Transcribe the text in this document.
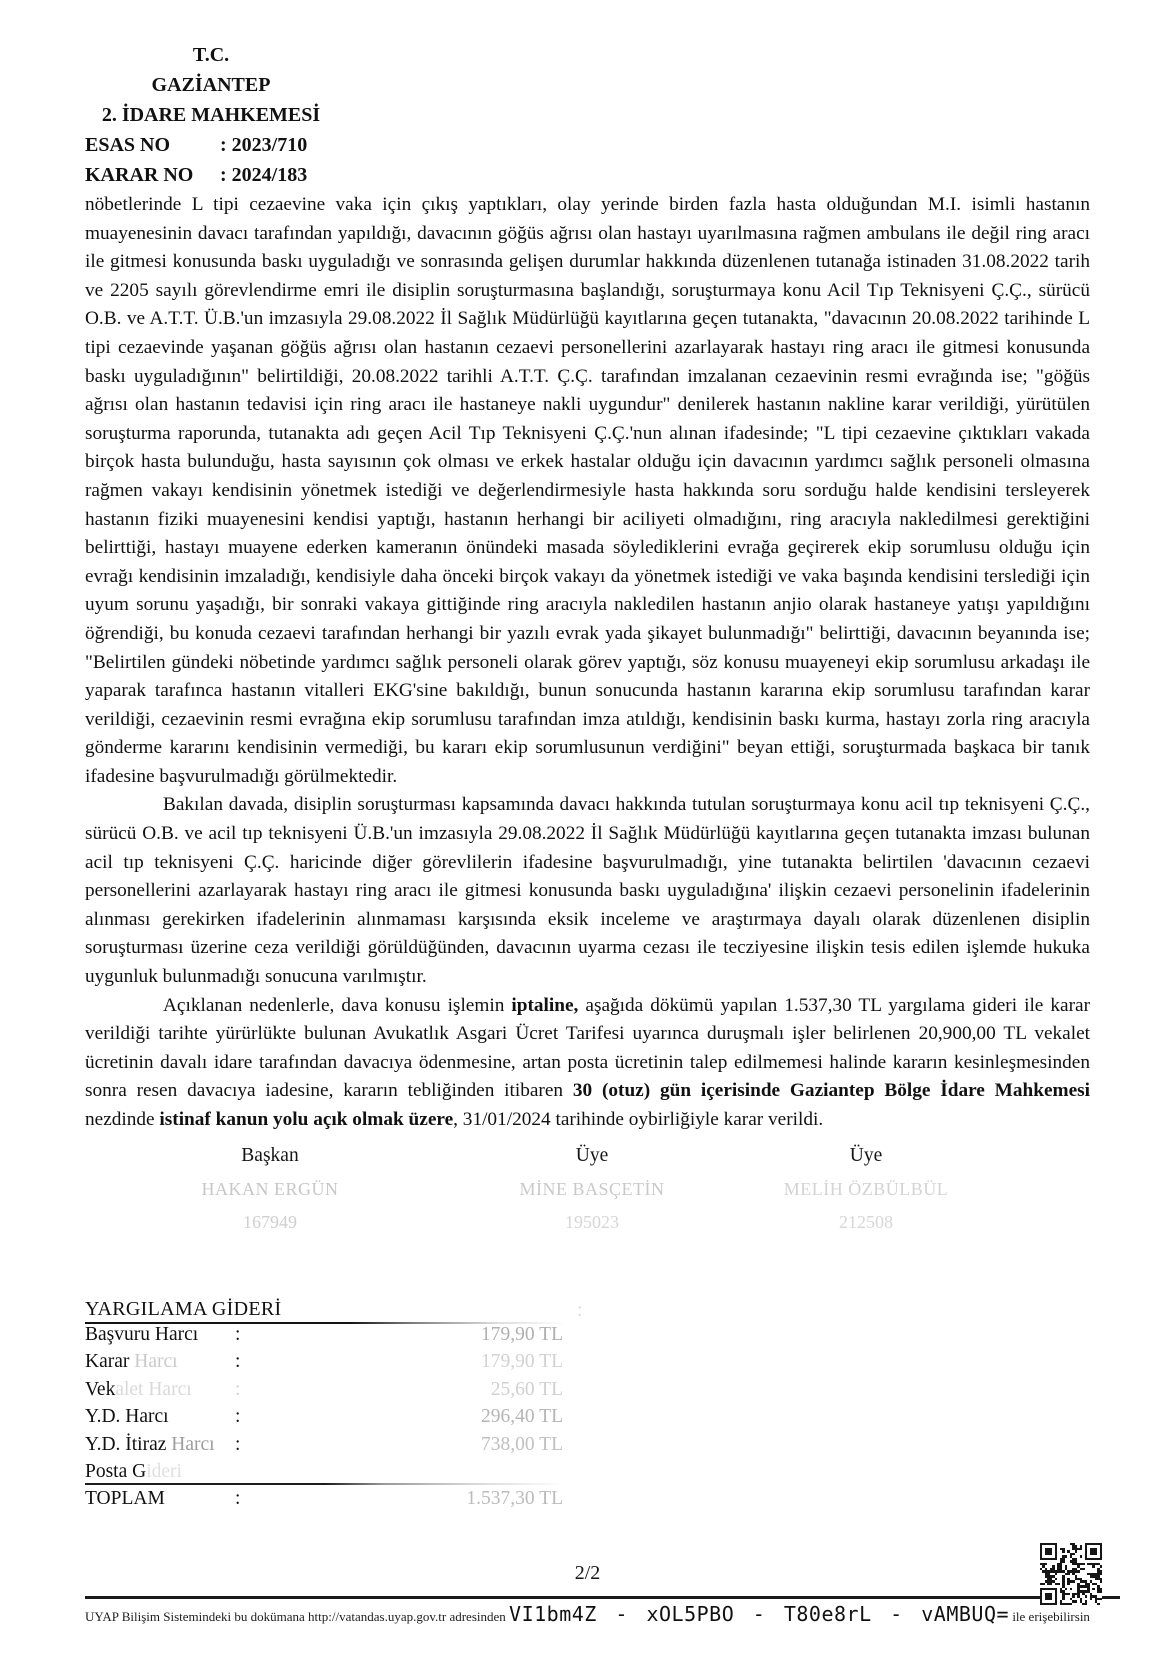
T.C.
GAZİANTEP
2. İDARE MAHKEMESİ
ESAS NO : 2023/710
KARAR NO : 2024/183

nöbetlerinde L tipi cezaevine vaka için çıkış yaptıkları, olay yerinde birden fazla hasta olduğundan M.I. isimli hastanın muayenesinin davacı tarafından yapıldığı, davacının göğüs ağrısı olan hastayı uyarılmasına rağmen ambulans ile değil ring aracı ile gitmesi konusunda baskı uyguladığı ve sonrasında gelişen durumlar hakkında düzenlenen tutanağa istinaden 31.08.2022 tarih ve 2205 sayılı görevlendirme emri ile disiplin soruşturmasına başlandığı, soruşturmaya konu Acil Tıp Teknisyeni Ç.Ç., sürücü O.B. ve A.T.T. Ü.B.'un imzasıyla 29.08.2022 İl Sağlık Müdürlüğü kayıtlarına geçen tutanakta, "davacının 20.08.2022 tarihinde L tipi cezaevinde yaşanan göğüs ağrısı olan hastanın cezaevi personellerini azarlayarak hastayı ring aracı ile gitmesi konusunda baskı uyguladığının" belirtildiği, 20.08.2022 tarihli A.T.T. Ç.Ç. tarafından imzalanan cezaevinin resmi evrağında ise; "göğüs ağrısı olan hastanın tedavisi için ring aracı ile hastaneye nakli uygundur" denilerek hastanın nakline karar verildiği, yürütülen soruşturma raporunda, tutanakta adı geçen Acil Tıp Teknisyeni Ç.Ç.'nun alınan ifadesinde; "L tipi cezaevine çıktıkları vakada birçok hasta bulunduğu, hasta sayısının çok olması ve erkek hastalar olduğu için davacının yardımcı sağlık personeli olmasına rağmen vakayı kendisinin yönetmek istediği ve değerlendirmesiyle hasta hakkında soru sorduğu halde kendisini tersleyerek hastanın fiziki muayenesini kendisi yaptığı, hastanın herhangi bir aciliyeti olmadığını, ring aracıyla nakledilmesi gerektiğini belirttiği, hastayı muayene ederken kameranın önündeki masada söylediklerini evrağa geçirerek ekip sorumlusu olduğu için evrağı kendisinin imzaladığı, kendisiyle daha önceki birçok vakayı da yönetmek istediği ve vaka başında kendisini terslediği için uyum sorunu yaşadığı, bir sonraki vakaya gittiğinde ring aracıyla nakledilen hastanın anjio olarak hastaneye yatışı yapıldığını öğrendiği, bu konuda cezaevi tarafından herhangi bir yazılı evrak yada şikayet bulunmadığı" belirttiği, davacının beyanında ise; "Belirtilen gündeki nöbetinde yardımcı sağlık personeli olarak görev yaptığı, söz konusu muayeneyi ekip sorumlusu arkadaşı ile yaparak tarafınca hastanın vitalleri EKG'sine bakıldığı, bunun sonucunda hastanın kararına ekip sorumlusu tarafından karar verildiği, cezaevinin resmi evrağına ekip sorumlusu tarafından imza atıldığı, kendisinin baskı kurma, hastayı zorla ring aracıyla gönderme kararını kendisinin vermediği, bu kararı ekip sorumlusunun verdiğini" beyan ettiği, soruşturmada başkaca bir tanık ifadesine başvurulmadığı görülmektedir.

Bakılan davada, disiplin soruşturması kapsamında davacı hakkında tutulan soruşturmaya konu acil tıp teknisyeni Ç.Ç., sürücü O.B. ve acil tıp teknisyeni Ü.B.'un imzasıyla 29.08.2022 İl Sağlık Müdürlüğü kayıtlarına geçen tutanakta imzası bulunan acil tıp teknisyeni Ç.Ç. haricinde diğer görevlilerin ifadesine başvurulmadığı, yine tutanakta belirtilen 'davacının cezaevi personellerini azarlayarak hastayı ring aracı ile gitmesi konusunda baskı uyguladığına' ilişkin cezaevi personelinin ifadelerinin alınması gerekirken ifadelerinin alınmaması karşısında eksik inceleme ve araştırmaya dayalı olarak düzenlenen disiplin soruşturması üzerine ceza verildiği görüldüğünden, davacının uyarma cezası ile tecziyesine ilişkin tesis edilen işlemde hukuka uygunluk bulunmadığı sonucuna varılmıştır.

Açıklanan nedenlerle, dava konusu işlemin iptaline, aşağıda dökümü yapılan 1.537,30 TL yargılama gideri ile karar verildiği tarihte yürürlükte bulunan Avukatlık Asgari Ücret Tarifesi uyarınca duruşmalı işler belirlenen 20,900,00 TL vekalet ücretinin davalı idare tarafından davacıya ödenmesine, artan posta ücretinin talep edilmemesi halinde kararın kesinleşmesinden sonra resen davacıya iadesine, kararın tebliğinden itibaren 30 (otuz) gün içerisinde Gaziantep Bölge İdare Mahkemesi nezdinde istinaf kanun yolu açık olmak üzere, 31/01/2024 tarihinde oybirliğiyle karar verildi.

Başkan
HAKAN ERGÜN
167949
Üye
MİNE BASÇETİN
195023
Üye
MELİH ÖZBÜLBÜL
212508
YARGILAMA GİDERİ	:
Başvuru Harcı	:	179,90 TL
Karar Harcı	:	179,90 TL
Vekalet Harcı	:	25,60 TL
Y.D. Harcı	:	296,40 TL
Y.D. İtiraz Harcı	:	738,00 TL
Posta Gideri
TOPLAM	:	1.537,30 TL
2/2
UYAP Bilişim Sistemindeki bu dokümana http://vatandas.uyap.gov.tr adresinden VI1bm4Z - xOL5PBO - T80e8rL - vAMBUQ= ile erişebilirsin
